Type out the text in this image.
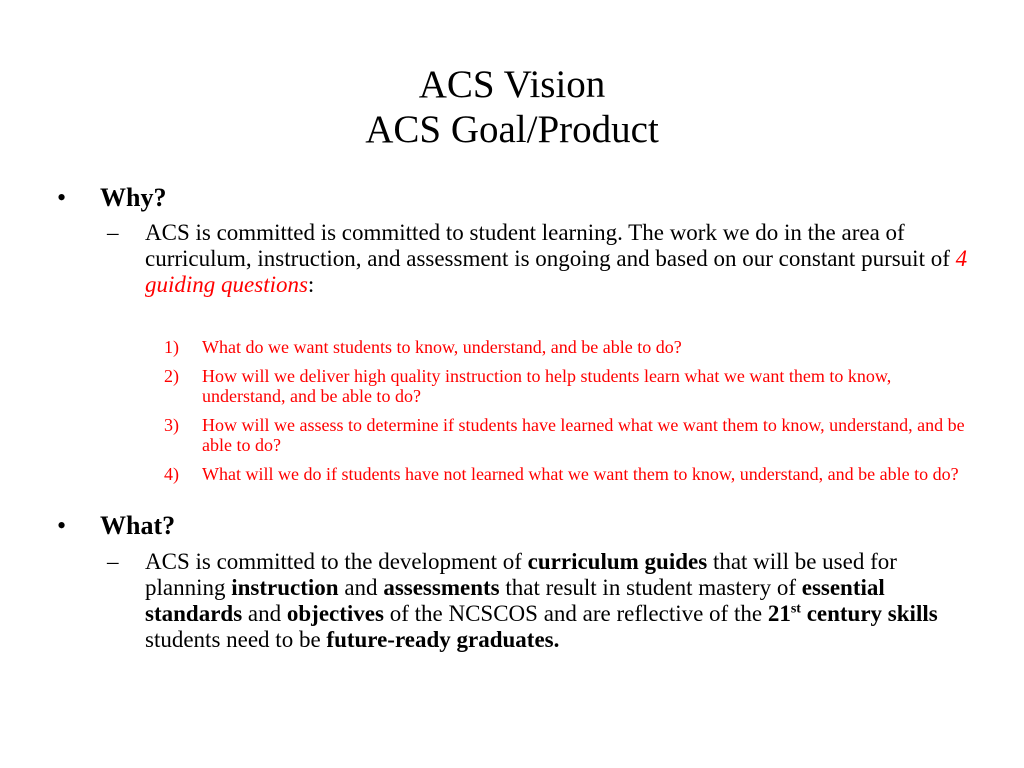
ACS Vision
ACS Goal/Product
• Why?
– ACS is committed is committed to student learning. The work we do in the area of curriculum, instruction, and assessment is ongoing and based on our constant pursuit of 4 guiding questions:
1) What do we want students to know, understand, and be able to do?
2) How will we deliver high quality instruction to help students learn what we want them to know, understand, and be able to do?
3) How will we assess to determine if students have learned what we want them to know, understand, and be able to do?
4) What will we do if students have not learned what we want them to know, understand, and be able to do?
• What?
– ACS is committed to the development of curriculum guides that will be used for planning instruction and assessments that result in student mastery of essential standards and objectives of the NCSCOS and are reflective of the 21st century skills students need to be future-ready graduates.
